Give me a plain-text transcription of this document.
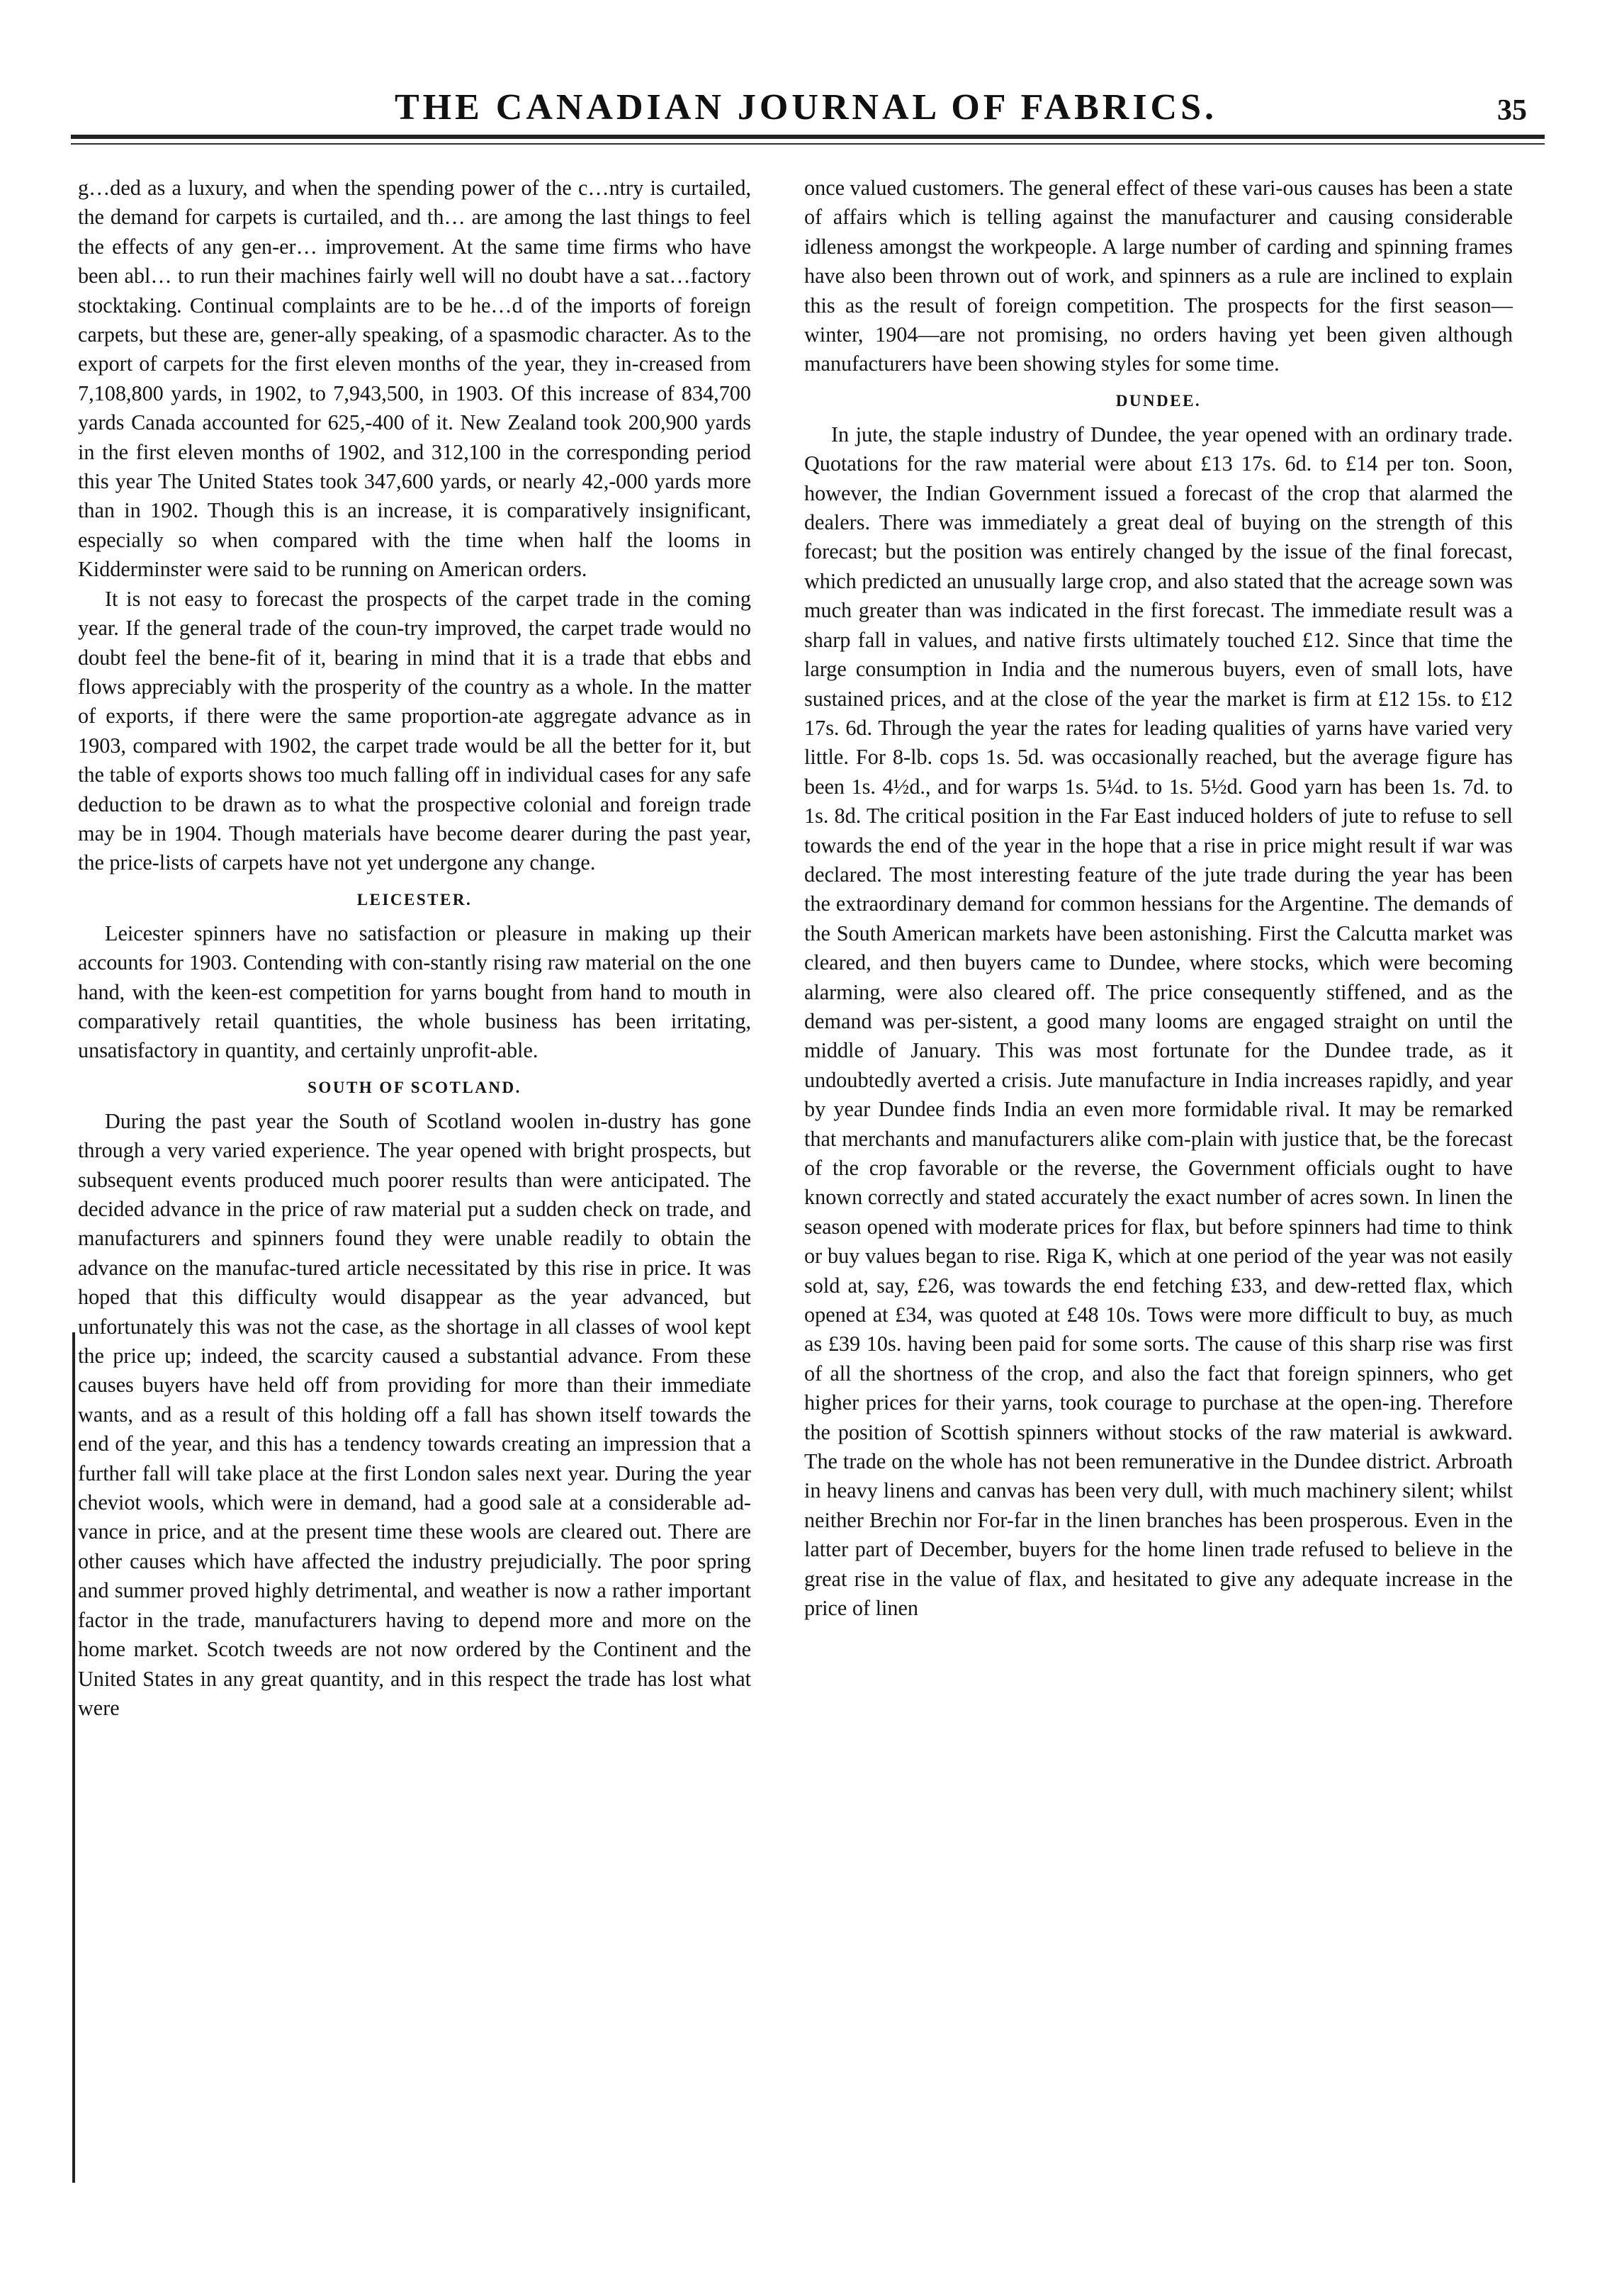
THE CANADIAN JOURNAL OF FABRICS.	35

g…ded as a luxury, and when the spending power of the c…ntry is curtailed, the demand for carpets is curtailed, and th… are among the last things to feel the effects of any gen-er… improvement. At the same time firms who have been abl… to run their machines fairly well will no doubt have a sat…factory stocktaking. Continual complaints are to be he…d of the imports of foreign carpets, but these are, gener-ally speaking, of a spasmodic character. As to the export of carpets for the first eleven months of the year, they in-creased from 7,108,800 yards, in 1902, to 7,943,500, in 1903. Of this increase of 834,700 yards Canada accounted for 625,-400 of it. New Zealand took 200,900 yards in the first eleven months of 1902, and 312,100 in the corresponding period this year The United States took 347,600 yards, or nearly 42,-000 yards more than in 1902. Though this is an increase, it is comparatively insignificant, especially so when compared with the time when half the looms in Kidderminster were said to be running on American orders.

It is not easy to forecast the prospects of the carpet trade in the coming year. If the general trade of the coun-try improved, the carpet trade would no doubt feel the bene-fit of it, bearing in mind that it is a trade that ebbs and flows appreciably with the prosperity of the country as a whole. In the matter of exports, if there were the same proportion-ate aggregate advance as in 1903, compared with 1902, the carpet trade would be all the better for it, but the table of exports shows too much falling off in individual cases for any safe deduction to be drawn as to what the prospective colonial and foreign trade may be in 1904. Though materials have become dearer during the past year, the price-lists of carpets have not yet undergone any change.

LEICESTER.

Leicester spinners have no satisfaction or pleasure in making up their accounts for 1903. Contending with con-stantly rising raw material on the one hand, with the keen-est competition for yarns bought from hand to mouth in comparatively retail quantities, the whole business has been irritating, unsatisfactory in quantity, and certainly unprofit-able.

SOUTH OF SCOTLAND.

During the past year the South of Scotland woolen in-dustry has gone through a very varied experience. The year opened with bright prospects, but subsequent events produced much poorer results than were anticipated. The decided advance in the price of raw material put a sudden check on trade, and manufacturers and spinners found they were unable readily to obtain the advance on the manufac-tured article necessitated by this rise in price. It was hoped that this difficulty would disappear as the year advanced, but unfortunately this was not the case, as the shortage in all classes of wool kept the price up; indeed, the scarcity caused a substantial advance. From these causes buyers have held off from providing for more than their immediate wants, and as a result of this holding off a fall has shown itself towards the end of the year, and this has a tendency towards creating an impression that a further fall will take place at the first London sales next year. During the year cheviot wools, which were in demand, had a good sale at a considerable ad-vance in price, and at the present time these wools are cleared out. There are other causes which have affected the industry prejudicially. The poor spring and summer proved highly detrimental, and weather is now a rather important factor in the trade, manufacturers having to depend more and more on the home market. Scotch tweeds are not now ordered by the Continent and the United States in any great quantity, and in this respect the trade has lost what were

once valued customers. The general effect of these vari-ous causes has been a state of affairs which is telling against the manufacturer and causing considerable idleness amongst the workpeople. A large number of carding and spinning frames have also been thrown out of work, and spinners as a rule are inclined to explain this as the result of foreign competition. The prospects for the first season—winter, 1904—are not promising, no orders having yet been given although manufacturers have been showing styles for some time.

DUNDEE.

In jute, the staple industry of Dundee, the year opened with an ordinary trade. Quotations for the raw material were about £13 17s. 6d. to £14 per ton. Soon, however, the Indian Government issued a forecast of the crop that alarmed the dealers. There was immediately a great deal of buying on the strength of this forecast; but the position was entirely changed by the issue of the final forecast, which predicted an unusually large crop, and also stated that the acreage sown was much greater than was indicated in the first forecast. The immediate result was a sharp fall in values, and native firsts ultimately touched £12. Since that time the large consumption in India and the numerous buyers, even of small lots, have sustained prices, and at the close of the year the market is firm at £12 15s. to £12 17s. 6d. Through the year the rates for leading qualities of yarns have varied very little. For 8-lb. cops 1s. 5d. was occasionally reached, but the average figure has been 1s. 4½d., and for warps 1s. 5¼d. to 1s. 5½d. Good yarn has been 1s. 7d. to 1s. 8d. The critical position in the Far East induced holders of jute to refuse to sell towards the end of the year in the hope that a rise in price might result if war was declared. The most interesting feature of the jute trade during the year has been the extraordinary demand for common hessians for the Argentine. The demands of the South American markets have been astonishing. First the Calcutta market was cleared, and then buyers came to Dundee, where stocks, which were becoming alarming, were also cleared off. The price consequently stiffened, and as the demand was per-sistent, a good many looms are engaged straight on until the middle of January. This was most fortunate for the Dundee trade, as it undoubtedly averted a crisis. Jute manufacture in India increases rapidly, and year by year Dundee finds India an even more formidable rival. It may be remarked that merchants and manufacturers alike com-plain with justice that, be the forecast of the crop favorable or the reverse, the Government officials ought to have known correctly and stated accurately the exact number of acres sown. In linen the season opened with moderate prices for flax, but before spinners had time to think or buy values began to rise. Riga K, which at one period of the year was not easily sold at, say, £26, was towards the end fetching £33, and dew-retted flax, which opened at £34, was quoted at £48 10s. Tows were more difficult to buy, as much as £39 10s. having been paid for some sorts. The cause of this sharp rise was first of all the shortness of the crop, and also the fact that foreign spinners, who get higher prices for their yarns, took courage to purchase at the open-ing. Therefore the position of Scottish spinners without stocks of the raw material is awkward. The trade on the whole has not been remunerative in the Dundee district. Arbroath in heavy linens and canvas has been very dull, with much machinery silent; whilst neither Brechin nor For-far in the linen branches has been prosperous. Even in the latter part of December, buyers for the home linen trade refused to believe in the great rise in the value of flax, and hesitated to give any adequate increase in the price of linen
